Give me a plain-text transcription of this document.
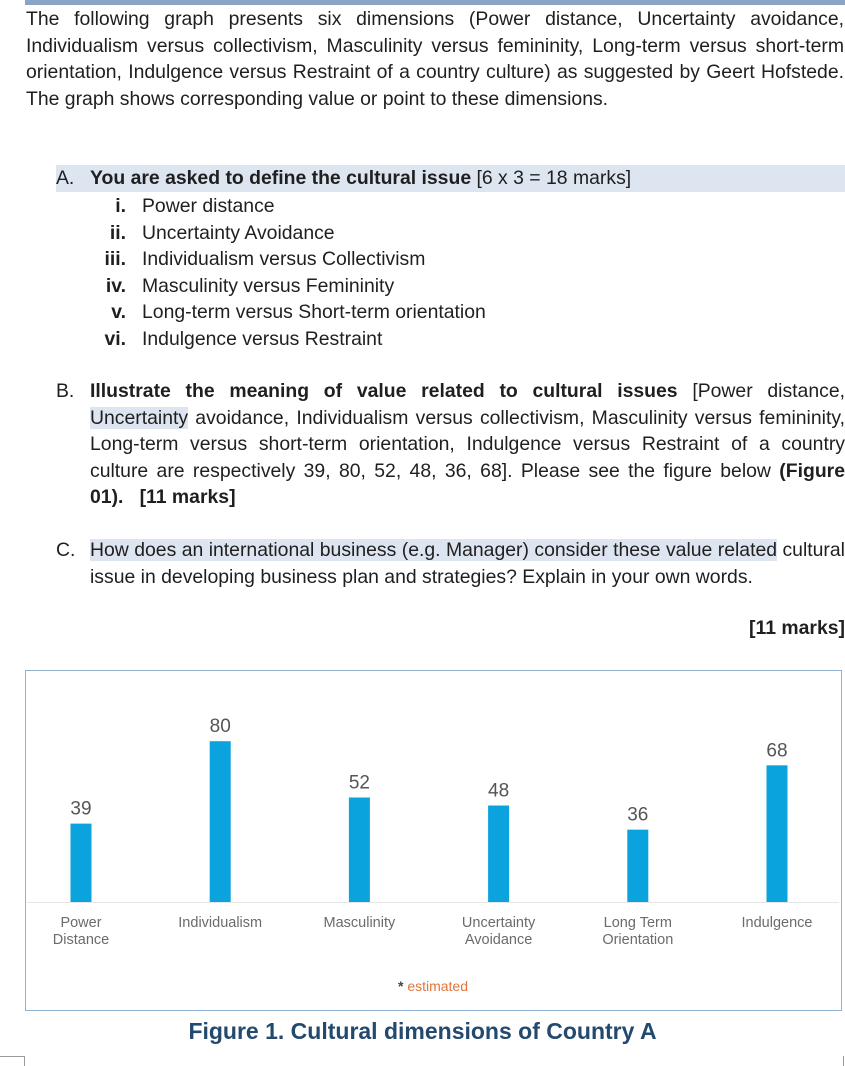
The following graph presents six dimensions (Power distance, Uncertainty avoidance, Individualism versus collectivism, Masculinity versus femininity, Long-term versus short-term orientation, Indulgence versus Restraint of a country culture) as suggested by Geert Hofstede. The graph shows corresponding value or point to these dimensions.

A. You are asked to define the cultural issue [6 x 3 = 18 marks]
i. Power distance
ii. Uncertainty Avoidance
iii. Individualism versus Collectivism
iv. Masculinity versus Femininity
v. Long-term versus Short-term orientation
vi. Indulgence versus Restraint
B. Illustrate the meaning of value related to cultural issues [Power distance, Uncertainty avoidance, Individualism versus collectivism, Masculinity versus femininity, Long-term versus short-term orientation, Indulgence versus Restraint of a country culture are respectively 39, 80, 52, 48, 36, 68]. Please see the figure below (Figure 01). [11 marks]
C. How does an international business (e.g. Manager) consider these value related cultural issue in developing business plan and strategies? Explain in your own words.
[11 marks]
39
Power
Distance
80
Individualism
52
Masculinity
48
Uncertainty
Avoidance
36
Long Term
Orientation
68
Indulgence
* estimated
Figure 1. Cultural dimensions of Country A
